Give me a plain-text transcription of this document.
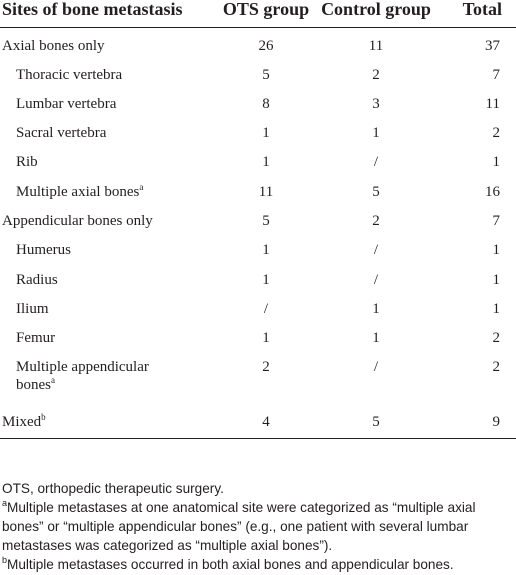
Sites of bone metastasis	OTS group	Control group	Total
Axial bones only	26	11	37
Thoracic vertebra	5	2	7
Lumbar vertebra	8	3	11
Sacral vertebra	1	1	2
Rib	1	/	1
Multiple axial bones$^a$	11	5	16
Appendicular bones only	5	2	7
Humerus	1	/	1
Radius	1	/	1
Ilium	/	1	1
Femur	1	1	2
Multiple appendicular bones$^a$	2	/	2
Mixed$^b$	4	5	9

OTS, orthopedic therapeutic surgery.

$^a$Multiple metastases at one anatomical site were categorized as “multiple axial bones” or “multiple appendicular bones” (e.g., one patient with several lumbar metastases was categorized as “multiple axial bones”).

$^b$Multiple metastases occurred in both axial bones and appendicular bones.
